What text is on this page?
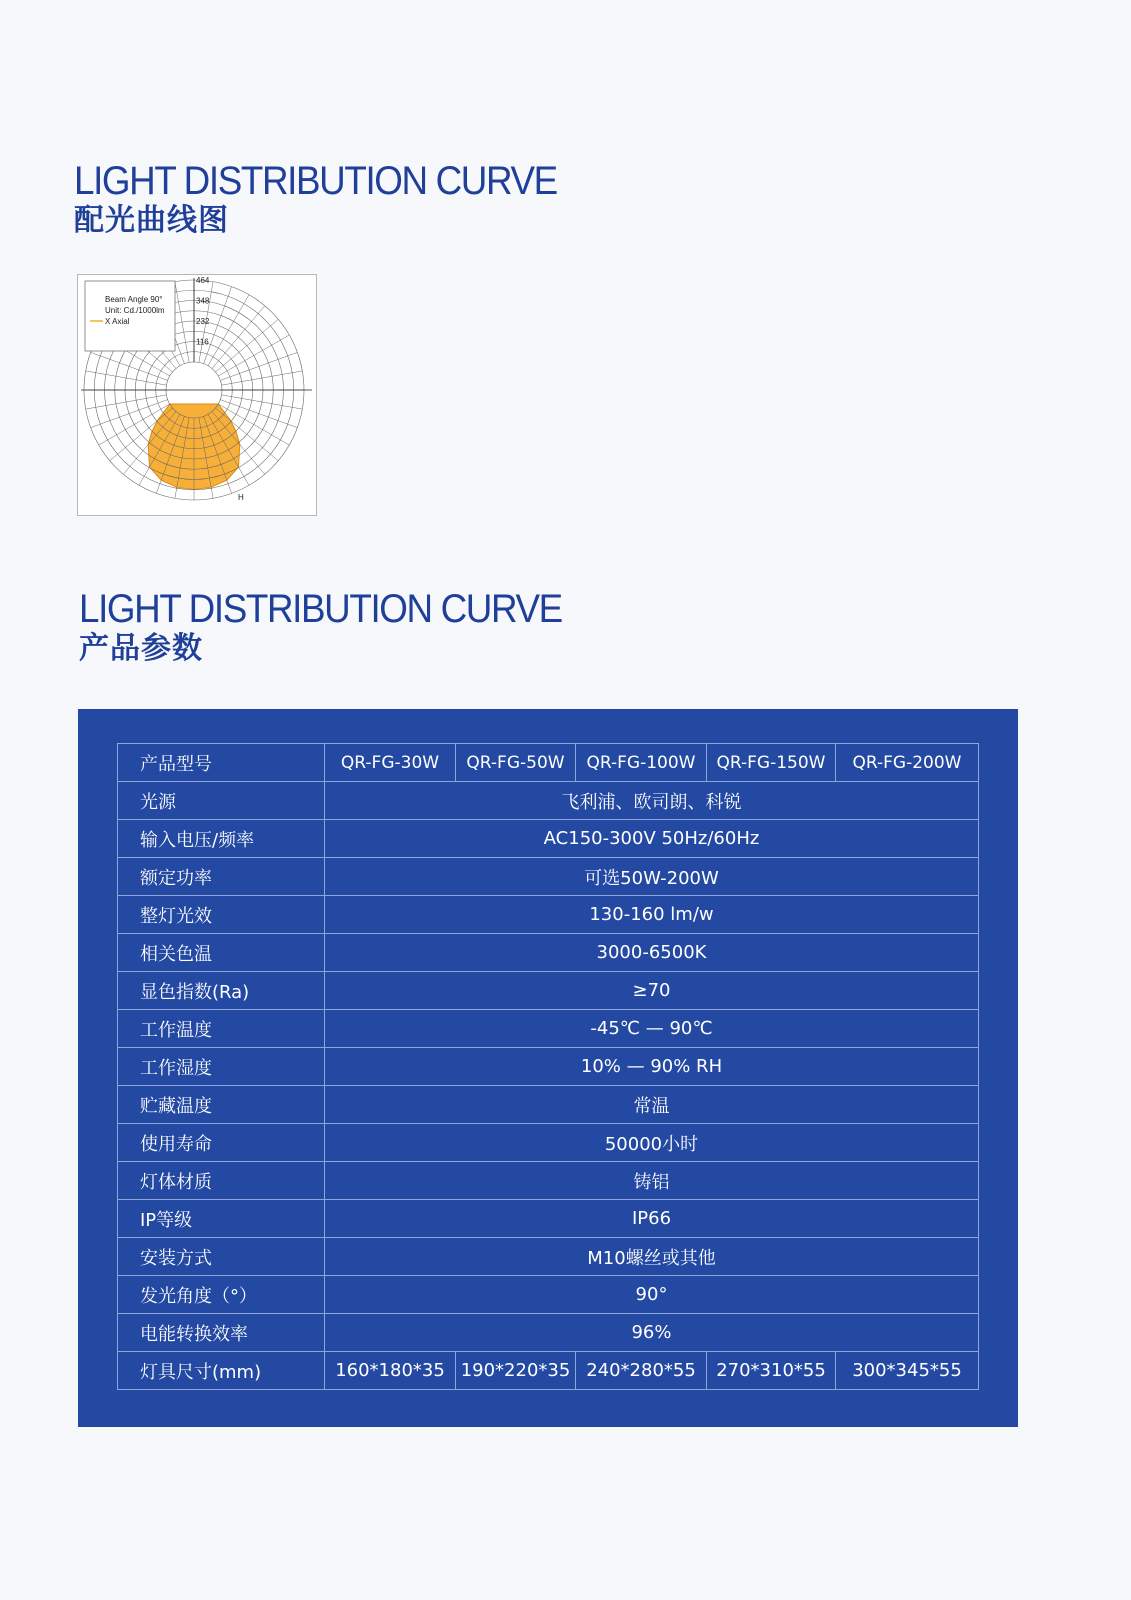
LIGHT DISTRIBUTION CURVE
配光曲线图
Beam Angle 90°
Unit: Cd./1000lm
X Axial
116
232
348
464
H
LIGHT DISTRIBUTION CURVE
产品参数
产品型号	QR-FG-30W	QR-FG-50W	QR-FG-100W	QR-FG-150W	QR-FG-200W
光源	飞利浦、欧司朗、科锐				
输入电压/频率	AC150-300V 50Hz/60Hz				
额定功率	可选50W-200W				
整灯光效	130-160 lm/w				
相关色温	3000-6500K				
显色指数(Ra)	≥70				
工作温度	-45℃ — 90℃				
工作湿度	10% — 90% RH				
贮藏温度	常温				
使用寿命	50000小时				
灯体材质	铸铝				
IP等级	IP66				
安装方式	M10螺丝或其他				
发光角度（°）	90°				
电能转换效率	96%				
灯具尺寸(mm)	160*180*35	190*220*35	240*280*55	270*310*55	300*345*55
